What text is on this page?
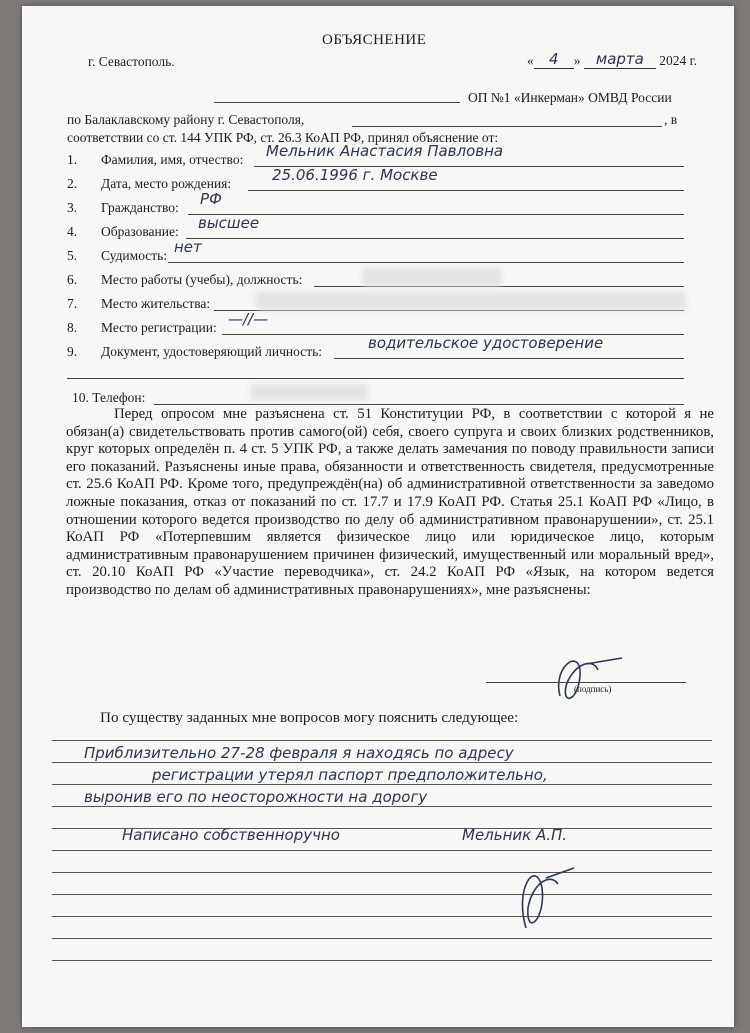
ОБЪЯСНЕНИЕ
г. Севастополь.	« 4 » марта 2024 г.
ОП №1 «Инкерман» ОМВД России
по Балаклавскому району г. Севастополя,	, в
соответствии со ст. 144 УПК РФ, ст. 26.3 КоАП РФ, принял объяснение от:
1. Фамилия, имя, отчество: Мельник Анастасия Павловна
2. Дата, место рождения:	25.06.1996 г. Москве
3. Гражданство: РФ
4. Образование: высшее
5. Судимость: нет
6. Место работы (учебы), должность:
7. Место жительства:
8. Место регистрации: —//—
9. Документ, удостоверяющий личность:	водительское удостоверение
10. Телефон:

Перед опросом мне разъяснена ст. 51 Конституции РФ, в соответствии с которой я не обязан(а) свидетельствовать против самого(ой) себя, своего супруга и своих близких родственников, круг которых определён п. 4 ст. 5 УПК РФ, а также делать замечания по поводу правильности записи его показаний. Разъяснены иные права, обязанности и ответственность свидетеля, предусмотренные ст. 25.6 КоАП РФ. Кроме того, предупреждён(на) об административной ответственности за заведомо ложные показания, отказ от показаний по ст. 17.7 и 17.9 КоАП РФ. Статья 25.1 КоАП РФ «Лицо, в отношении которого ведется производство по делу об административном правонарушении», ст. 25.1 КоАП РФ «Потерпевшим является физическое лицо или юридическое лицо, которым административным правонарушением причинен физический, имущественный или моральный вред», ст. 20.10 КоАП РФ «Участие переводчика», ст. 24.2 КоАП РФ «Язык, на котором ведется производство по делам об административных правонарушениях», мне разъяснены:

(подпись)
По существу заданных мне вопросов могу пояснить следующее:
Приблизительно 27-28 февраля я находясь по адресу
регистрации утерял паспорт предположительно,
выронив его по неосторожности на дорогу
Написано собственноручно	Мельник А.П.
